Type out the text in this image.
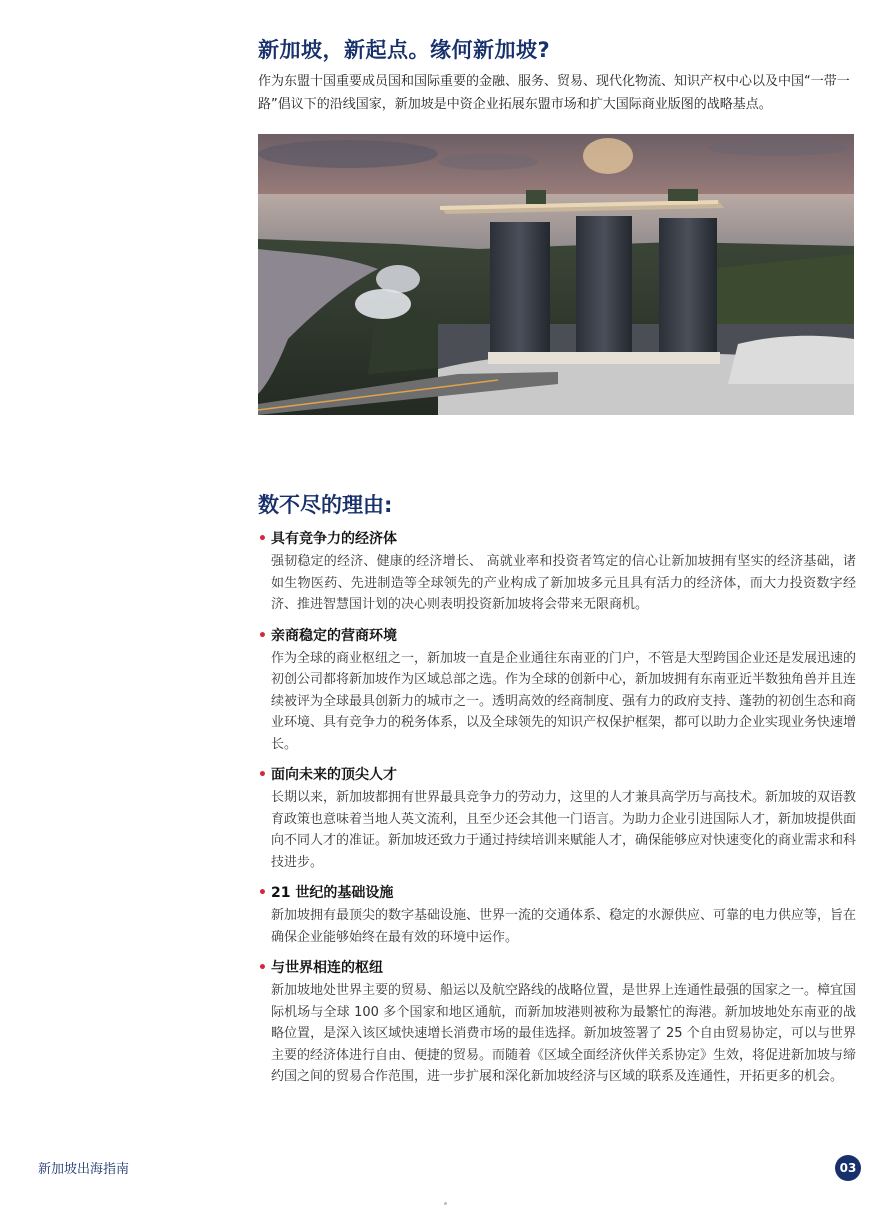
新加坡，新起点。缘何新加坡?

作为东盟十国重要成员国和国际重要的金融、服务、贸易、现代化物流、知识产权中心以及中国“一带一路”倡议下的沿线国家，新加坡是中资企业拓展东盟市场和扩大国际商业版图的战略基点。

数不尽的理由:
• 具有竞争力的经济体

强韧稳定的经济、健康的经济增长、 高就业率和投资者笃定的信心让新加坡拥有坚实的经济基础，诸如生物医药、先进制造等全球领先的产业构成了新加坡多元且具有活力的经济体，而大力投资数字经济、推进智慧国计划的决心则表明投资新加坡将会带来无限商机。

• 亲商稳定的营商环境

作为全球的商业枢纽之一，新加坡一直是企业通往东南亚的门户，不管是大型跨国企业还是发展迅速的初创公司都将新加坡作为区域总部之选。作为全球的创新中心，新加坡拥有东南亚近半数独角兽并且连续被评为全球最具创新力的城市之一。透明高效的经商制度、强有力的政府支持、蓬勃的初创生态和商业环境、具有竞争力的税务体系，以及全球领先的知识产权保护框架，都可以助力企业实现业务快速增长。

• 面向未来的顶尖人才

长期以来，新加坡都拥有世界最具竞争力的劳动力，这里的人才兼具高学历与高技术。新加坡的双语教育政策也意味着当地人英文流利，且至少还会其他一门语言。为助力企业引进国际人才，新加坡提供面向不同人才的准证。新加坡还致力于通过持续培训来赋能人才，确保能够应对快速变化的商业需求和科技进步。

• 21 世纪的基础设施

新加坡拥有最顶尖的数字基础设施、世界一流的交通体系、稳定的水源供应、可靠的电力供应等，旨在确保企业能够始终在最有效的环境中运作。

• 与世界相连的枢纽

新加坡地处世界主要的贸易、船运以及航空路线的战略位置，是世界上连通性最强的国家之一。樟宜国际机场与全球 100 多个国家和地区通航，而新加坡港则被称为最繁忙的海港。新加坡地处东南亚的战略位置，是深入该区域快速增长消费市场的最佳选择。新加坡签署了 25 个自由贸易协定，可以与世界主要的经济体进行自由、便捷的贸易。而随着《区域全面经济伙伴关系协定》生效，将促进新加坡与缔约国之间的贸易合作范围，进一步扩展和深化新加坡经济与区域的联系及连通性，开拓更多的机会。

新加坡出海指南	03
